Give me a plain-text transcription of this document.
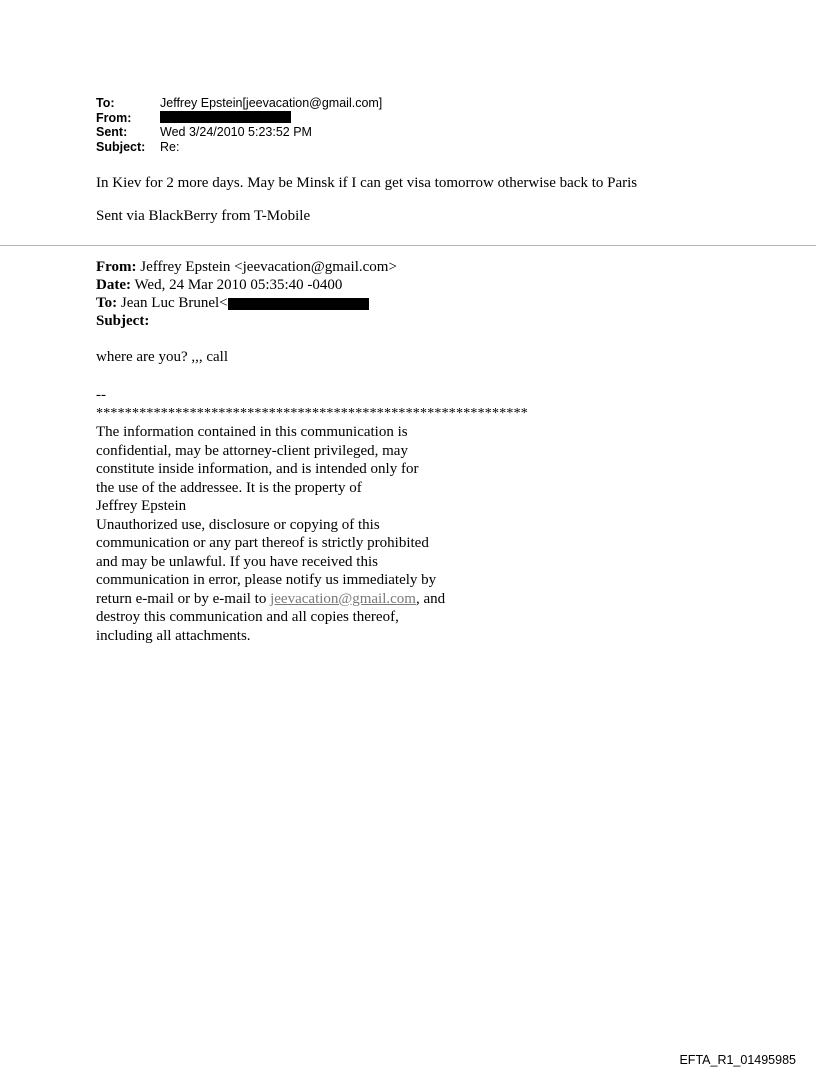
To:	Jeffrey Epstein[jeevacation@gmail.com]
From:
Sent:	Wed 3/24/2010 5:23:52 PM
Subject:	Re:
In Kiev for 2 more days. May be Minsk if I can get visa tomorrow otherwise back to Paris
Sent via BlackBerry from T-Mobile
From: Jeffrey Epstein <jeevacation@gmail.com>
Date: Wed, 24 Mar 2010 05:35:40 -0400
To: Jean Luc Brunel<
Subject:
where are you? ,,, call
--
************************************************************
The information contained in this communication is
confidential, may be attorney-client privileged, may
constitute inside information, and is intended only for
the use of the addressee. It is the property of
Jeffrey Epstein
Unauthorized use, disclosure or copying of this
communication or any part thereof is strictly prohibited
and may be unlawful. If you have received this
communication in error, please notify us immediately by
return e-mail or by e-mail to jeevacation@gmail.com, and
destroy this communication and all copies thereof,
including all attachments.
EFTA_R1_01495985
